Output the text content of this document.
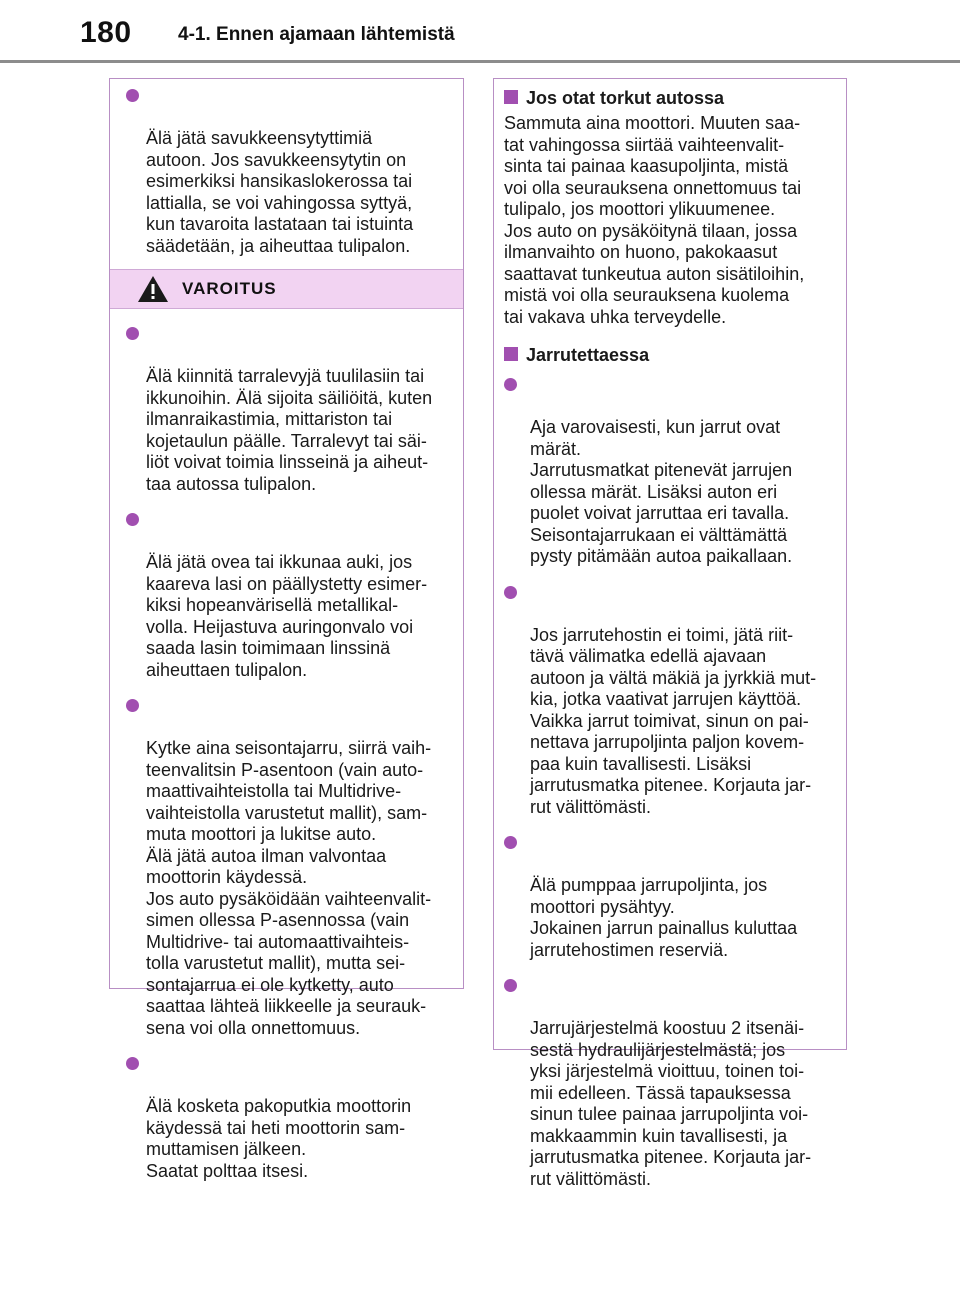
180 4-1. Ennen ajamaan lähtemistä

Älä jätä savukkeensytyttimiä
autoon. Jos savukkeensytytin on
esimerkiksi hansikaslokerossa tai
lattialla, se voi vahingossa syttyä,
kun tavaroita lastataan tai istuinta
säädetään, ja aiheuttaa tulipalon.

VAROITUS

Älä kiinnitä tarralevyjä tuulilasiin tai
ikkunoihin. Älä sijoita säiliöitä, kuten
ilmanraikastimia, mittariston tai
kojetaulun päälle. Tarralevyt tai säi-
liöt voivat toimia linsseinä ja aiheut-
taa autossa tulipalon.

Älä jätä ovea tai ikkunaa auki, jos
kaareva lasi on päällystetty esimer-
kiksi hopeanvärisellä metallikal-
volla. Heijastuva auringonvalo voi
saada lasin toimimaan linssinä
aiheuttaen tulipalon.

Kytke aina seisontajarru, siirrä vaih-
teenvalitsin P-asentoon (vain auto-
maattivaihteistolla tai Multidrive-
vaihteistolla varustetut mallit), sam-
muta moottori ja lukitse auto.
Älä jätä autoa ilman valvontaa
moottorin käydessä.
Jos auto pysäköidään vaihteenvalit-
simen ollessa P-asennossa (vain
Multidrive- tai automaattivaihteis-
tolla varustetut mallit), mutta sei-
sontajarrua ei ole kytketty, auto
saattaa lähteä liikkeelle ja seurauk-
sena voi olla onnettomuus.

Älä kosketa pakoputkia moottorin
käydessä tai heti moottorin sam-
muttamisen jälkeen.
Saatat polttaa itsesi.

Jos otat torkut autossa

Sammuta aina moottori. Muuten saa-
tat vahingossa siirtää vaihteenvalit-
sinta tai painaa kaasupoljinta, mistä
voi olla seurauksena onnettomuus tai
tulipalo, jos moottori ylikuumenee.
Jos auto on pysäköitynä tilaan, jossa
ilmanvaihto on huono, pakokaasut
saattavat tunkeutua auton sisätiloihin,
mistä voi olla seurauksena kuolema
tai vakava uhka terveydelle.

Jarrutettaessa

Aja varovaisesti, kun jarrut ovat
märät.
Jarrutusmatkat pitenevät jarrujen
ollessa märät. Lisäksi auton eri
puolet voivat jarruttaa eri tavalla.
Seisontajarrukaan ei välttämättä
pysty pitämään autoa paikallaan.

Jos jarrutehostin ei toimi, jätä riit-
tävä välimatka edellä ajavaan
autoon ja vältä mäkiä ja jyrkkiä mut-
kia, jotka vaativat jarrujen käyttöä.
Vaikka jarrut toimivat, sinun on pai-
nettava jarrupoljinta paljon kovem-
paa kuin tavallisesti. Lisäksi
jarrutusmatka pitenee. Korjauta jar-
rut välittömästi.

Älä pumppaa jarrupoljinta, jos
moottori pysähtyy.
Jokainen jarrun painallus kuluttaa
jarrutehostimen reserviä.

Jarrujärjestelmä koostuu 2 itsenäi-
sestä hydraulijärjestelmästä; jos
yksi järjestelmä vioittuu, toinen toi-
mii edelleen. Tässä tapauksessa
sinun tulee painaa jarrupoljinta voi-
makkaammin kuin tavallisesti, ja
jarrutusmatka pitenee. Korjauta jar-
rut välittömästi.
